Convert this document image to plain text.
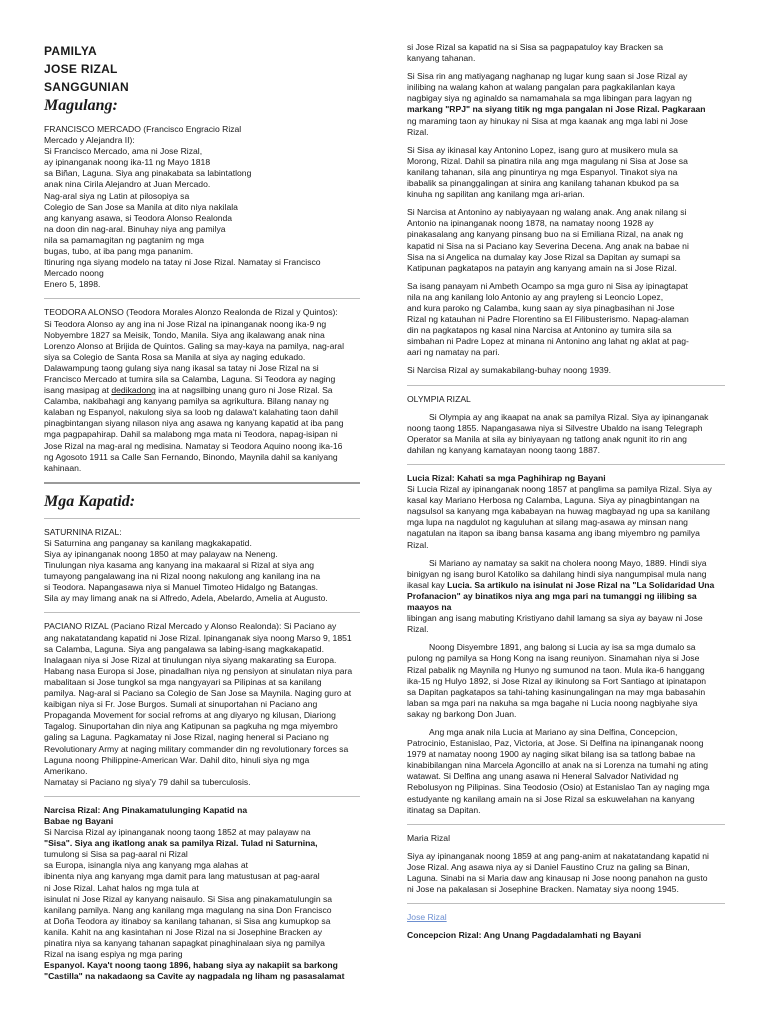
PAMILYA
JOSE RIZAL
SANGGUNIAN
Magulang:
FRANCISCO MERCADO (Francisco Engracio Rizal
Mercado y Alejandra II):
Si Francisco Mercado, ama ni Jose Rizal,
ay ipinanganak noong ika-11 ng Mayo 1818
sa Biñan, Laguna. Siya ang pinakabata sa labintatlong
anak nina Cirila Alejandro at Juan Mercado.
Nag-aral siya ng Latin at pilosopiya sa
Colegio de San Jose sa Manila at dito niya nakilala
ang kanyang asawa, si Teodora Alonso Realonda
na doon din nag-aral. Binuhay niya ang pamilya
nila sa pamamagitan ng pagtanim ng mga
bugas, tubo, at iba pang mga pananim.
Itinuring nga siyang modelo na tatay ni Jose Rizal. Namatay si Francisco
Mercado noong
Enero 5, 1898.
TEODORA ALONSO (Teodora Morales Alonzo Realonda de Rizal y Quintos):
Si Teodora Alonso ay ang ina ni Jose Rizal na ipinanganak noong ika-9 ng
Nobyembre 1827 sa Meisik, Tondo, Manila. Siya ang ikalawang anak nina
Lorenzo Alonso at Brijida de Quintos. Galing sa may-kaya na pamilya, nag-aral
siya sa Colegio de Santa Rosa sa Manila at siya ay naging edukado.
Dalawampung taong gulang siya nang ikasal sa tatay ni Jose Rizal na si
Francisco Mercado at tumira sila sa Calamba, Laguna. Si Teodora ay naging
isang masipag at dedikadong ina at nagsilbing unang guro ni Jose Rizal. Sa
Calamba, nakibahagi ang kanyang pamilya sa agrikultura. Bilang nanay ng
kalaban ng Espanyol, nakulong siya sa loob ng dalawa't kalahating taon dahil
pinagbintangan siyang nilason niya ang asawa ng kanyang kapatid at iba pang
mga pagpapahirap. Dahil sa malabong mga mata ni Teodora, napag-isipan ni
Jose Rizal na mag-aral ng medisina. Namatay si Teodora Aquino noong ika-16
ng Agosoto 1911 sa Calle San Fernando, Binondo, Maynila dahil sa kaniyang
kahinaan.
Mga Kapatid:
SATURNINA RIZAL:
Si Saturnina ang panganay sa kanilang magkakapatid.
Siya ay ipinanganak noong 1850 at may palayaw na Neneng.
Tinulungan niya kasama ang kanyang ina makaaral si Rizal at siya ang
tumayong pangalawang ina ni Rizal noong nakulong ang kanilang ina na
si Teodora. Napangasawa niya si Manuel Timoteo Hidalgo ng Batangas.
Sila ay may limang anak na si Alfredo, Adela, Abelardo, Amelia at Augusto.
PACIANO RIZAL (Paciano Rizal Mercado y Alonso Realonda): Si Paciano ay
ang nakatatandang kapatid ni Jose Rizal. Ipinanganak siya noong Marso 9, 1851
sa Calamba, Laguna. Siya ang pangalawa sa labing-isang magkakapatid.
Inalagaan niya si Jose Rizal at tinulungan niya siyang makarating sa Europa.
Habang nasa Europa si Jose, pinadalhan niya ng pensiyon at sinulatan niya para
mabalitaan si Jose tungkol sa mga nangyayari sa Pilipinas at sa kanilang
pamilya. Nag-aral si Paciano sa Colegio de San Jose sa Maynila. Naging guro at
kaibigan niya si Fr. Jose Burgos. Sumali at sinuportahan ni Paciano ang
Propaganda Movement for social refroms at ang diyaryo ng kilusan, Diariong
Tagalog. Sinuportahan din niya ang Katipunan sa pagkuha ng mga miyembro
galing sa Laguna. Pagkamatay ni Jose Rizal, naging heneral si Paciano ng
Revolutionary Army at naging military commander din ng revolutionary forces sa
Laguna noong Philippine-American War. Dahil dito, hinuli siya ng mga
Amerikano.
Namatay si Paciano ng siya'y 79 dahil sa tuberculosis.
Narcisa Rizal: Ang Pinakamatulunging Kapatid na
Babae ng Bayani
Si Narcisa Rizal ay ipinanganak noong taong 1852 at may palayaw na
"Sisa". Siya ang ikatlong anak sa pamilya Rizal. Tulad ni Saturnina,
tumulong si Sisa sa pag-aaral ni Rizal
sa Europa, isinangla niya ang kanyang mga alahas at
ibinenta niya ang kanyang mga damit para lang matustusan at pag-aaral
ni Jose Rizal. Lahat halos ng mga tula at
isinulat ni Jose Rizal ay kanyang naisaulo. Si Sisa ang pinakamatulungin sa
kanilang pamilya. Nang ang kanilang mga magulang na sina Don Francisco
at Doña Teodora ay itinaboy sa kanilang tahanan, si Sisa ang kumupkop sa
kanila. Kahit na ang kasintahan ni Jose Rizal na si Josephine Bracken ay
pinatira niya sa kanyang tahanan sapagkat pinaghinalaan siya ng pamilya
Rizal na isang espiya ng mga paring
Espanyol. Kaya't noong taong 1896, habang siya ay nakapiit sa barkong
"Castilla" na nakadaong sa Cavite ay nagpadala ng liham ng pasasalamat
si Jose Rizal sa kapatid na si Sisa sa pagpapatuloy kay Bracken sa
kanyang tahanan.
Si Sisa rin ang matiyagang naghanap ng lugar kung saan si Jose Rizal ay
inilibing na walang kahon at walang pangalan para pagkakilanlan kaya
nagbigay siya ng aginaldo sa namamahala sa mga libingan para lagyan ng
markang "RPJ" na siyang titik ng mga pangalan ni Jose Rizal. Pagkaraan
ng maraming taon ay hinukay ni Sisa at mga kaanak ang mga labi ni Jose
Rizal.
Si Sisa ay ikinasal kay Antonino Lopez, isang guro at musikero mula sa
Morong, Rizal. Dahil sa pinatira nila ang mga magulang ni Sisa at Jose sa
kanilang tahanan, sila ang pinuntirya ng mga Espanyol. Tinakot siya na
ibabalik sa pinanggalingan at sinira ang kanilang tahanan kbukod pa sa
kinuha ng sapilitan ang kanilang mga ari-arian.
Si Narcisa at Antonino ay nabiyayaan ng walang anak. Ang anak nilang si
Antonio na ipinanganak noong 1878, na namatay noong 1928 ay
pinakasalang ang kanyang pinsang buo na si Emiliana Rizal, na anak ng
kapatid ni Sisa na si Paciano kay Severina Decena. Ang anak na babae ni
Sisa na si Angelica na dumalay kay Jose Rizal sa Dapitan ay sumapi sa
Katipunan pagkatapos na patayin ang kanyang amain na si Jose Rizal.
Sa isang panayam ni Ambeth Ocampo sa mga guro ni Sisa ay ipinagtapat
nila na ang kanilang lolo Antonio ay ang prayleng si Leoncio Lopez,
and kura paroko ng Calamba, kung saan ay siya pinagbasihan ni Jose
Rizal ng katauhan ni Padre Florentino sa El Filibusterismo. Napag-alaman
din na pagkatapos ng kasal nina Narcisa at Antonino ay tumira sila sa
simbahan ni Padre Lopez at minana ni Antonino ang lahat ng aklat at pag-
aari ng namatay na pari.
Si Narcisa Rizal ay sumakabilang-buhay noong 1939.
OLYMPIA RIZAL
Si Olympia ay ang ikaapat na anak sa pamilya Rizal. Siya ay ipinanganak
noong taong 1855. Napangasawa niya si Silvestre Ubaldo na isang Telegraph
Operator sa Manila at sila ay biniyayaan ng tatlong anak ngunit ito rin ang
dahilan ng kanyang kamatayan noong taong 1887.
Lucia Rizal: Kahati sa mga Paghihirap ng Bayani
Si Lucia Rizal ay ipinanganak noong 1857 at panglima sa pamilya Rizal. Siya ay
kasal kay Mariano Herbosa ng Calamba, Laguna. Siya ay pinagbintangan na
nagsulsol sa kanyang mga kababayan na huwag magbayad ng upa sa kanilang
mga lupa na nagdulot ng kaguluhan at silang mag-asawa ay minsan nang
nagatulan na itapon sa ibang bansa kasama ang ibang miyembro ng pamilya
Rizal.
Si Mariano ay namatay sa sakit na cholera noong Mayo, 1889. Hindi siya
binigyan ng isang burol Katoliko sa dahilang hindi siya nangumpisal mula nang
ikasal kay Lucia. Sa artikulo na isinulat ni Jose Rizal na "La Solidaridad Una
Profanacion" ay binatikos niya ang mga pari na tumanggi ng iilibing sa maayos na
libingan ang isang mabuting Kristiyano dahil lamang sa siya ay bayaw ni Jose
Rizal.
Noong Disyembre 1891, ang balong si Lucia ay isa sa mga dumalo sa
pulong ng pamilya sa Hong Kong na isang reuniyon. Sinamahan niya si Jose
Rizal pabalik ng Maynila ng Hunyo ng sumunod na taon. Mula ika-6 hanggang
ika-15 ng Hulyo 1892, si Jose Rizal ay ikinulong sa Fort Santiago at ipinatapon
sa Dapitan pagkatapos sa tahi-tahing kasinungalingan na may mga babasahin
laban sa mga pari na nakuha sa mga bagahe ni Lucia noong nagbiyahe siya
sakay ng barkong Don Juan.
Ang mga anak nila Lucia at Mariano ay sina Delfina, Concepcion,
Patrocinio, Estanislao, Paz, Victoria, at Jose. Si Delfina na ipinanganak noong
1979 at namatay noong 1900 ay naging sikat bilang isa sa tatlong babae na
kinabibilangan nina Marcela Agoncillo at anak na si Lorenza na tumahi ng ating
watawat. Si Delfina ang unang asawa ni Heneral Salvador Natividad ng
Rebolusyon ng Pilipinas. Sina Teodosio (Osio) at Estanislao Tan ay naging mga
estudyante ng kanilang amain na si Jose Rizal sa eskuwelahan na kanyang
itinatag sa Dapitan.
Maria Rizal
Siya ay ipinanganak noong 1859 at ang pang-anim at nakatatandang kapatid ni
Jose Rizal. Ang asawa niya ay si Daniel Faustino Cruz na galing sa Binan,
Laguna. Sinabi na si Maria daw ang kinausap ni Jose noong panahon na gusto
ni Jose na pakalasan si Josephine Bracken. Namatay siya noong 1945.
Jose Rizal
Concepcion Rizal: Ang Unang Pagdadalamhati ng Bayani
